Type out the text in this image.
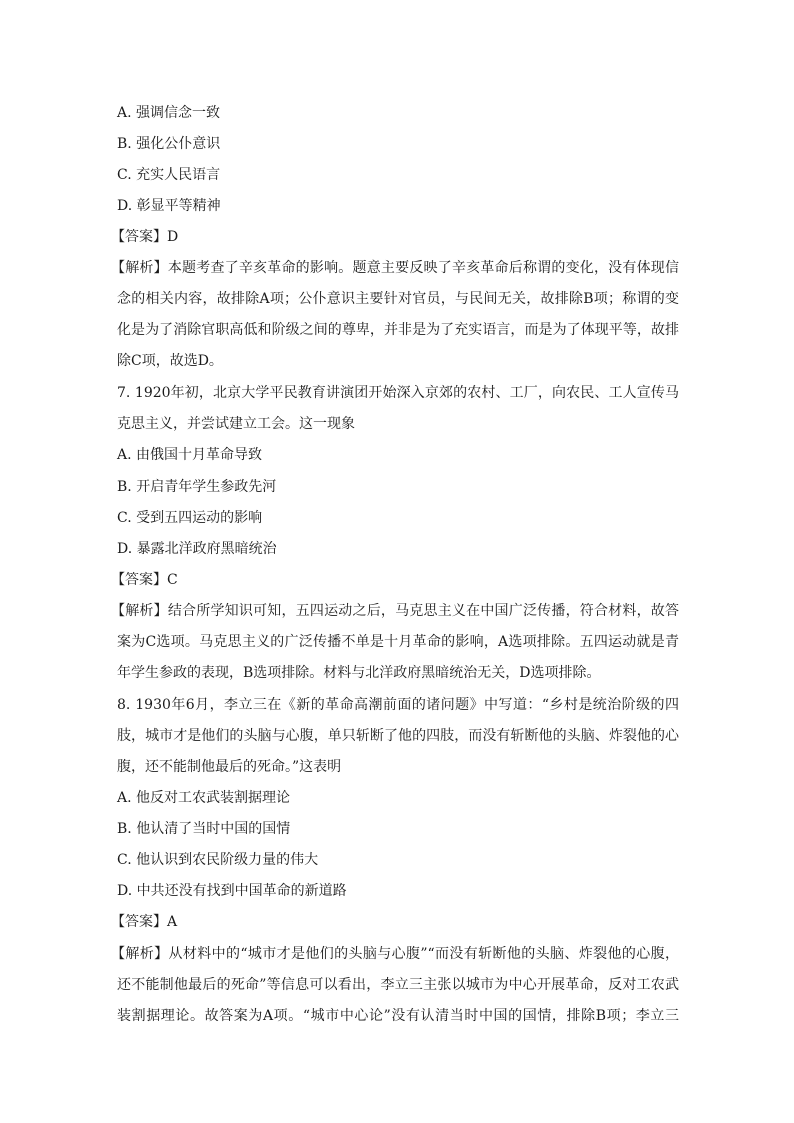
A. 强调信念一致
B. 强化公仆意识
C. 充实人民语言
D. 彰显平等精神
【答案】D
【解析】本题考查了辛亥革命的影响。题意主要反映了辛亥革命后称谓的变化，没有体现信
念的相关内容，故排除A项；公仆意识主要针对官员，与民间无关，故排除B项；称谓的变
化是为了消除官职高低和阶级之间的尊卑，并非是为了充实语言，而是为了体现平等，故排
除C项，故选D。
7. 1920年初，北京大学平民教育讲演团开始深入京郊的农村、工厂，向农民、工人宣传马
克思主义，并尝试建立工会。这一现象
A. 由俄国十月革命导致
B. 开启青年学生参政先河
C. 受到五四运动的影响
D. 暴露北洋政府黑暗统治
【答案】C
【解析】结合所学知识可知，五四运动之后，马克思主义在中国广泛传播，符合材料，故答
案为C选项。马克思主义的广泛传播不单是十月革命的影响，A选项排除。五四运动就是青
年学生参政的表现，B选项排除。材料与北洋政府黑暗统治无关，D选项排除。
8. 1930年6月，李立三在《新的革命高潮前面的诸问题》中写道：“乡村是统治阶级的四
肢，城市才是他们的头脑与心腹，单只斩断了他的四肢，而没有斩断他的头脑、炸裂他的心
腹，还不能制他最后的死命。”这表明
A. 他反对工农武装割据理论
B. 他认清了当时中国的国情
C. 他认识到农民阶级力量的伟大
D. 中共还没有找到中国革命的新道路
【答案】A
【解析】从材料中的“城市才是他们的头脑与心腹”“而没有斩断他的头脑、炸裂他的心腹，
还不能制他最后的死命”等信息可以看出，李立三主张以城市为中心开展革命，反对工农武
装割据理论。故答案为A项。“城市中心论”没有认清当时中国的国情，排除B项；李立三
